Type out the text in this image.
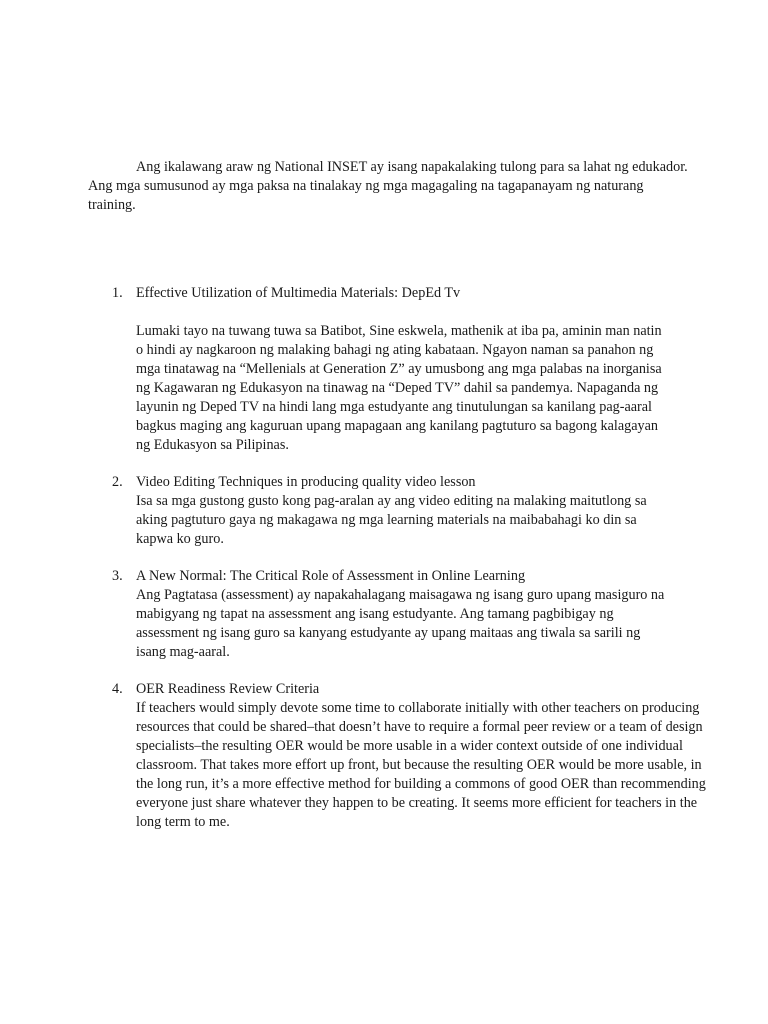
Ang ikalawang araw ng National INSET ay isang napakalaking tulong para sa lahat ng edukador. Ang mga sumusunod ay mga paksa na tinalakay ng mga magagaling na tagapanayam ng naturang training.

1. Effective Utilization of Multimedia Materials: DepEd Tv

Lumaki tayo na tuwang tuwa sa Batibot, Sine eskwela, mathenik at iba pa, aminin man natin o hindi ay nagkaroon ng malaking bahagi ng ating kabataan. Ngayon naman sa panahon ng mga tinatawag na “Mellenials at Generation Z” ay umusbong ang mga palabas na inorganisa ng Kagawaran ng Edukasyon na tinawag na “Deped TV” dahil sa pandemya. Napaganda ng layunin ng Deped TV na hindi lang mga estudyante ang tinutulungan sa kanilang pag-aaral bagkus maging ang kaguruan upang mapagaan ang kanilang pagtuturo sa bagong kalagayan ng Edukasyon sa Pilipinas.

2. Video Editing Techniques in producing quality video lesson

Isa sa mga gustong gusto kong pag-aralan ay ang video editing na malaking maitutlong sa aking pagtuturo gaya ng makagawa ng mga learning materials na maibabahagi ko din sa kapwa ko guro.

3. A New Normal: The Critical Role of Assessment in Online Learning

Ang Pagtatasa (assessment) ay napakahalagang maisagawa ng isang guro upang masiguro na mabigyang ng tapat na assessment ang isang estudyante. Ang tamang pagbibigay ng assessment ng isang guro sa kanyang estudyante ay upang maitaas ang tiwala sa sarili ng isang mag-aaral.

4. OER Readiness Review Criteria

If teachers would simply devote some time to collaborate initially with other teachers on producing resources that could be shared–that doesn’t have to require a formal peer review or a team of design specialists–the resulting OER would be more usable in a wider context outside of one individual classroom. That takes more effort up front, but because the resulting OER would be more usable, in the long run, it’s a more effective method for building a commons of good OER than recommending everyone just share whatever they happen to be creating. It seems more efficient for teachers in the long term to me.
